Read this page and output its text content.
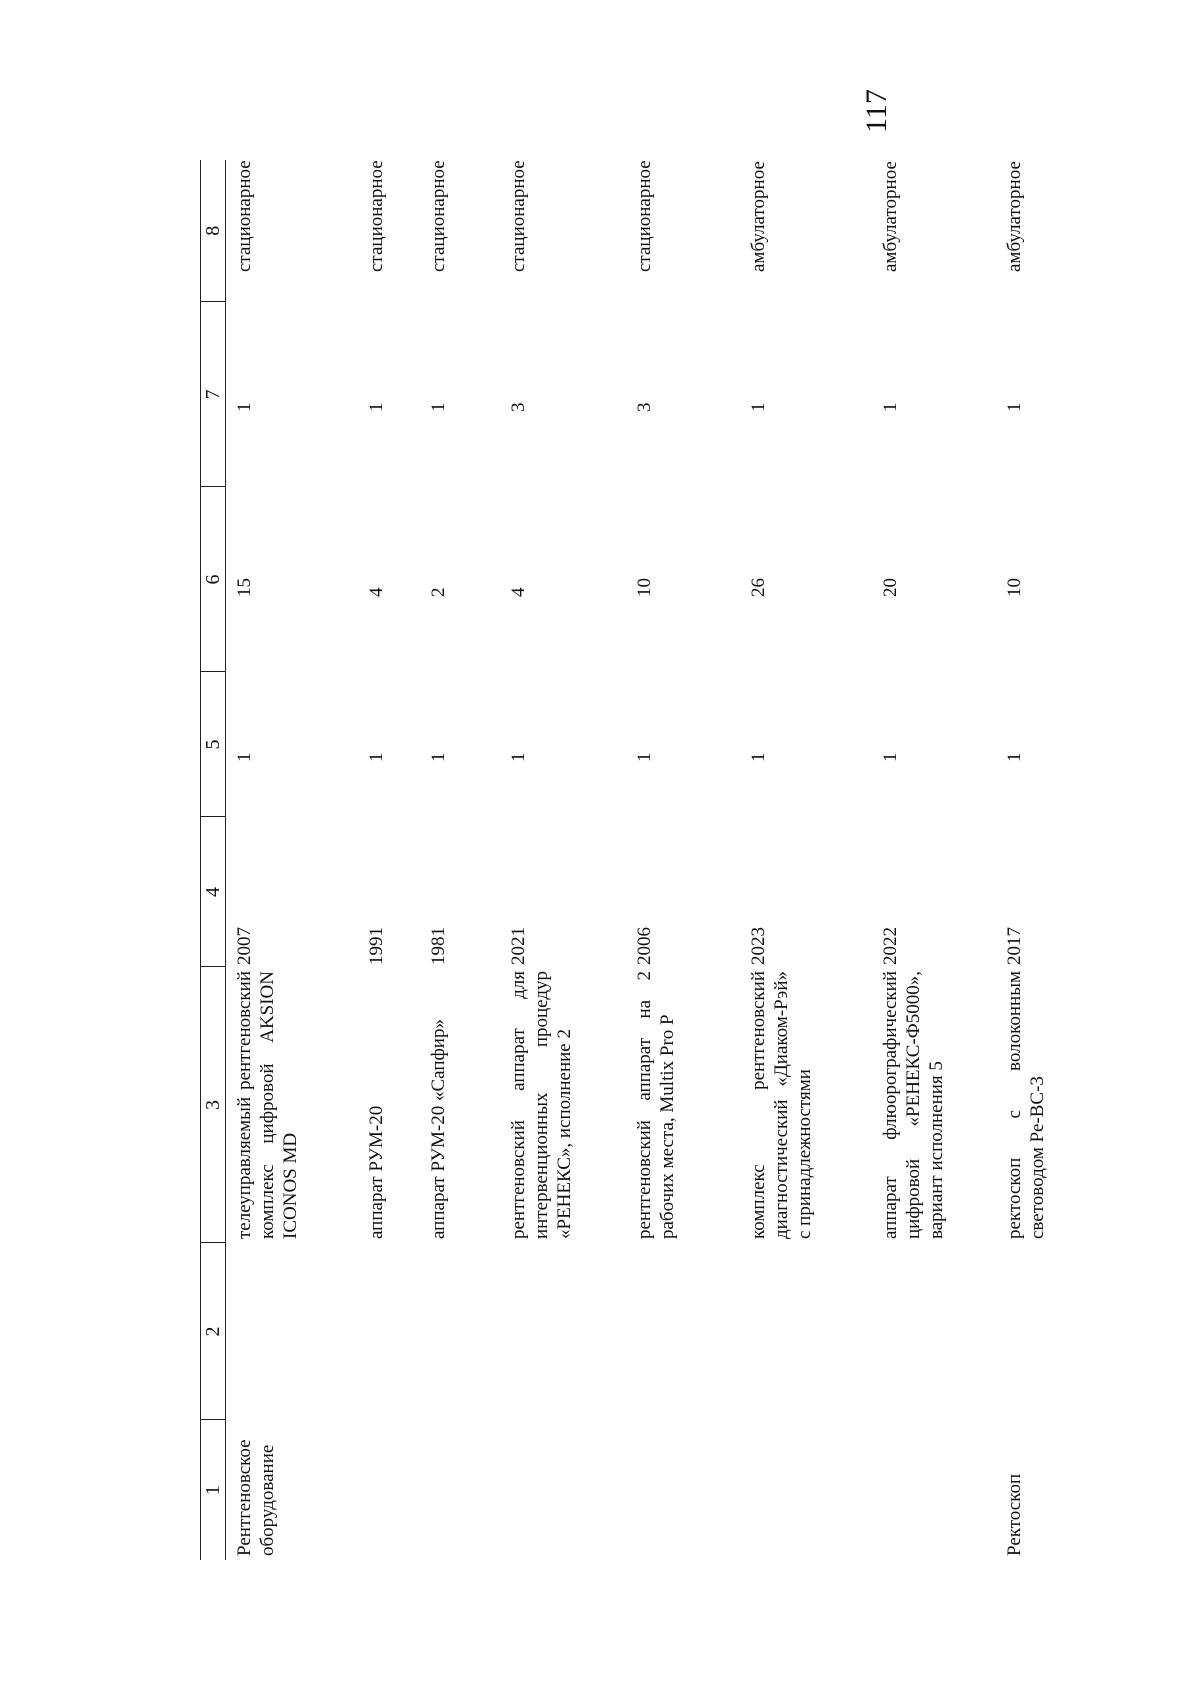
117
1	2	3	4	5	6	7	8
Рентгеновское оборудование		телеуправляемый рентгеновский комплекс цифровой AKSION ICONOS MD	2007	1	15	1	стационарное
		аппарат РУМ-20	1991	1	4	1	стационарное
		аппарат РУМ-20 «Сапфир»	1981	1	2	1	стационарное
		рентгеновский аппарат для интервенционных процедур «РЕНЕКС», исполнение 2	2021	1	4	3	стационарное
		рентгеновский аппарат на 2 рабочих места, Multix Pro P	2006	1	10	3	стационарное
		комплекс рентгеновский диагностический «Диаком-Рэй» с принадлежностями	2023	1	26	1	амбулаторное
		аппарат флюорографический цифровой «РЕНЕКС-Ф5000», вариант исполнения 5	2022	1	20	1	амбулаторное
Ректоскоп		ректоскоп с волоконным световодом Ре-ВС-3	2017	1	10	1	амбулаторное
